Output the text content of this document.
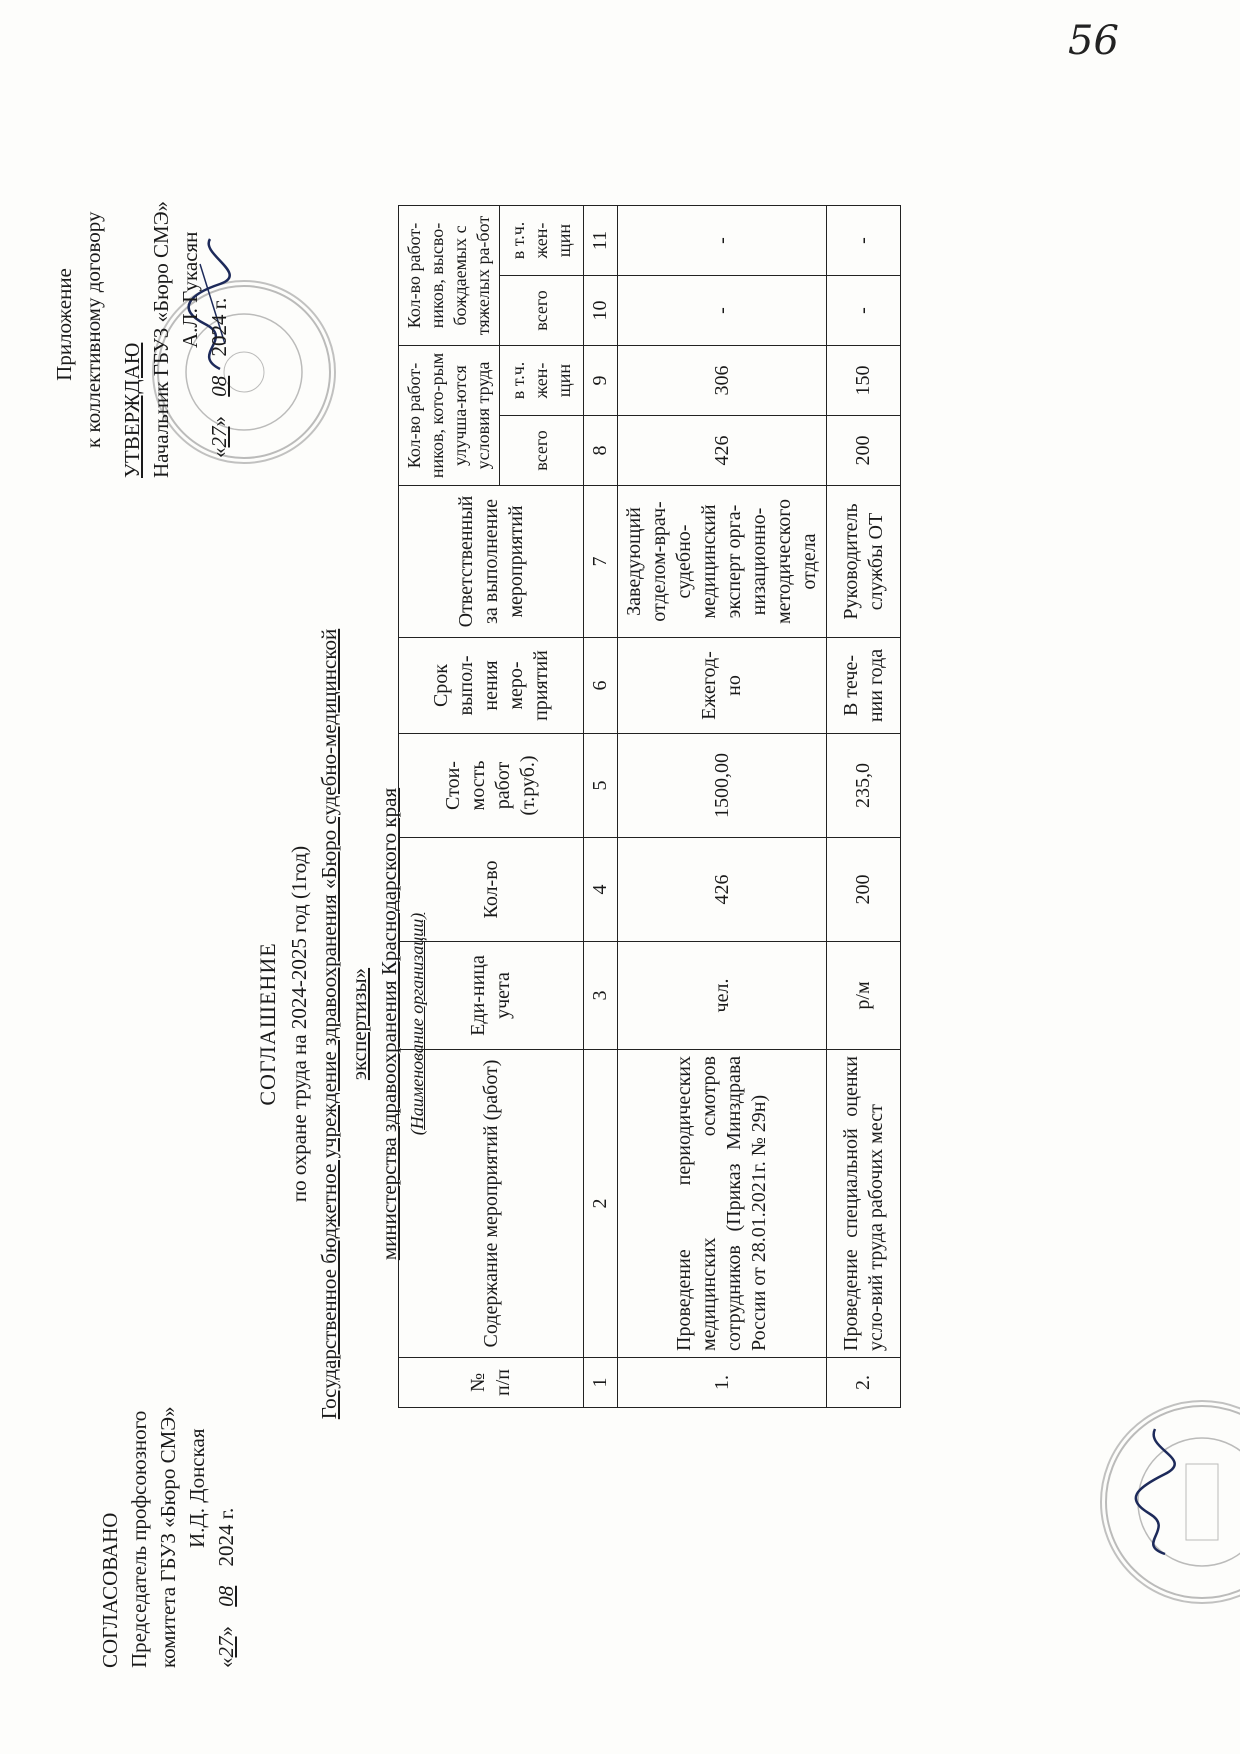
56
Приложение к коллективному договору УТВЕРЖДАЮ Начальник ГБУЗ «Бюро СМЭ» А.Л. Гукасян
«27» 08 2024 г.
СОГЛАСОВАНО Председатель профсоюзного комитета ГБУЗ «Бюро СМЭ» И.Д. Донская
«27» 08 2024 г.
СОГЛАШЕНИЕ по охране труда на 2024-2025 год (1год) Государственное бюджетное учреждение здравоохранения «Бюро судебно-медицинской экспертизы» министерства здравоохранения Краснодарского края (Наименование организации)
№ п/п	Содержание мероприятий (работ)	Еди-ница учета	Кол-во	Стои-мость работ (т.руб.)	Срок выпол-нения меро-приятий	Ответственный за выполнение мероприятий	Кол-во работ-ников, кото-рым улучша-ются условия труда		Кол-во работ-ников, высво-бождаемых с тяжелых ра-бот	
							всего	в т.ч. жен-щин	всего	в т.ч. жен-щин
1	2	3	4	5	6	7	8	9	10	11
1.	Проведение периодических медицинских осмотров сотрудников (Приказ Минздрава России от 28.01.2021г. № 29н)	чел.	426	1500,00	Ежегод-но	Заведующий отделом-врач-судебно-медицинский эксперт орга-низационно-методического отдела	426	306	-	-
2.	Проведение специальной оценки усло-вий труда рабочих мест	р/м	200	235,0	В тече-нии года	Руководитель службы ОТ	200	150	-	-
